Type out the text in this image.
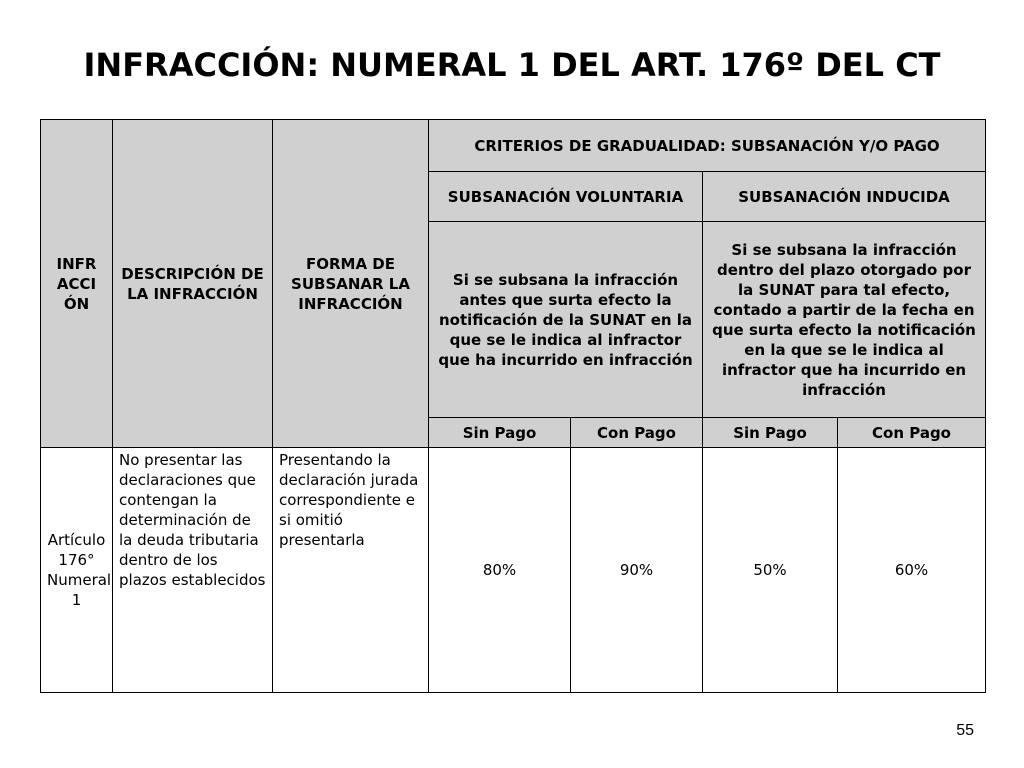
INFRACCIÓN: NUMERAL 1 DEL ART. 176º DEL CT
INFR ACCI ÓN	DESCRIPCIÓN DE LA INFRACCIÓN	FORMA DE SUBSANAR LA INFRACCIÓN	CRITERIOS DE GRADUALIDAD: SUBSANACIÓN Y/O PAGO			
			SUBSANACIÓN VOLUNTARIA		SUBSANACIÓN INDUCIDA	
			Si se subsana la infracción antes que surta efecto la notificación de la SUNAT en la que se le indica al infractor que ha incurrido en infracción		Si se subsana la infracción dentro del plazo otorgado por la SUNAT para tal efecto, contado a partir de la fecha en que surta efecto la notificación en la que se le indica al infractor que ha incurrido en infracción	
			Sin Pago	Con Pago	Sin Pago	Con Pago
Artículo 176° Numeral 1	No presentar las declaraciones que contengan la determinación de la deuda tributaria dentro de los plazos establecidos	Presentando la declaración jurada correspondiente e si omitió presentarla	80%	90%	50%	60%
55
